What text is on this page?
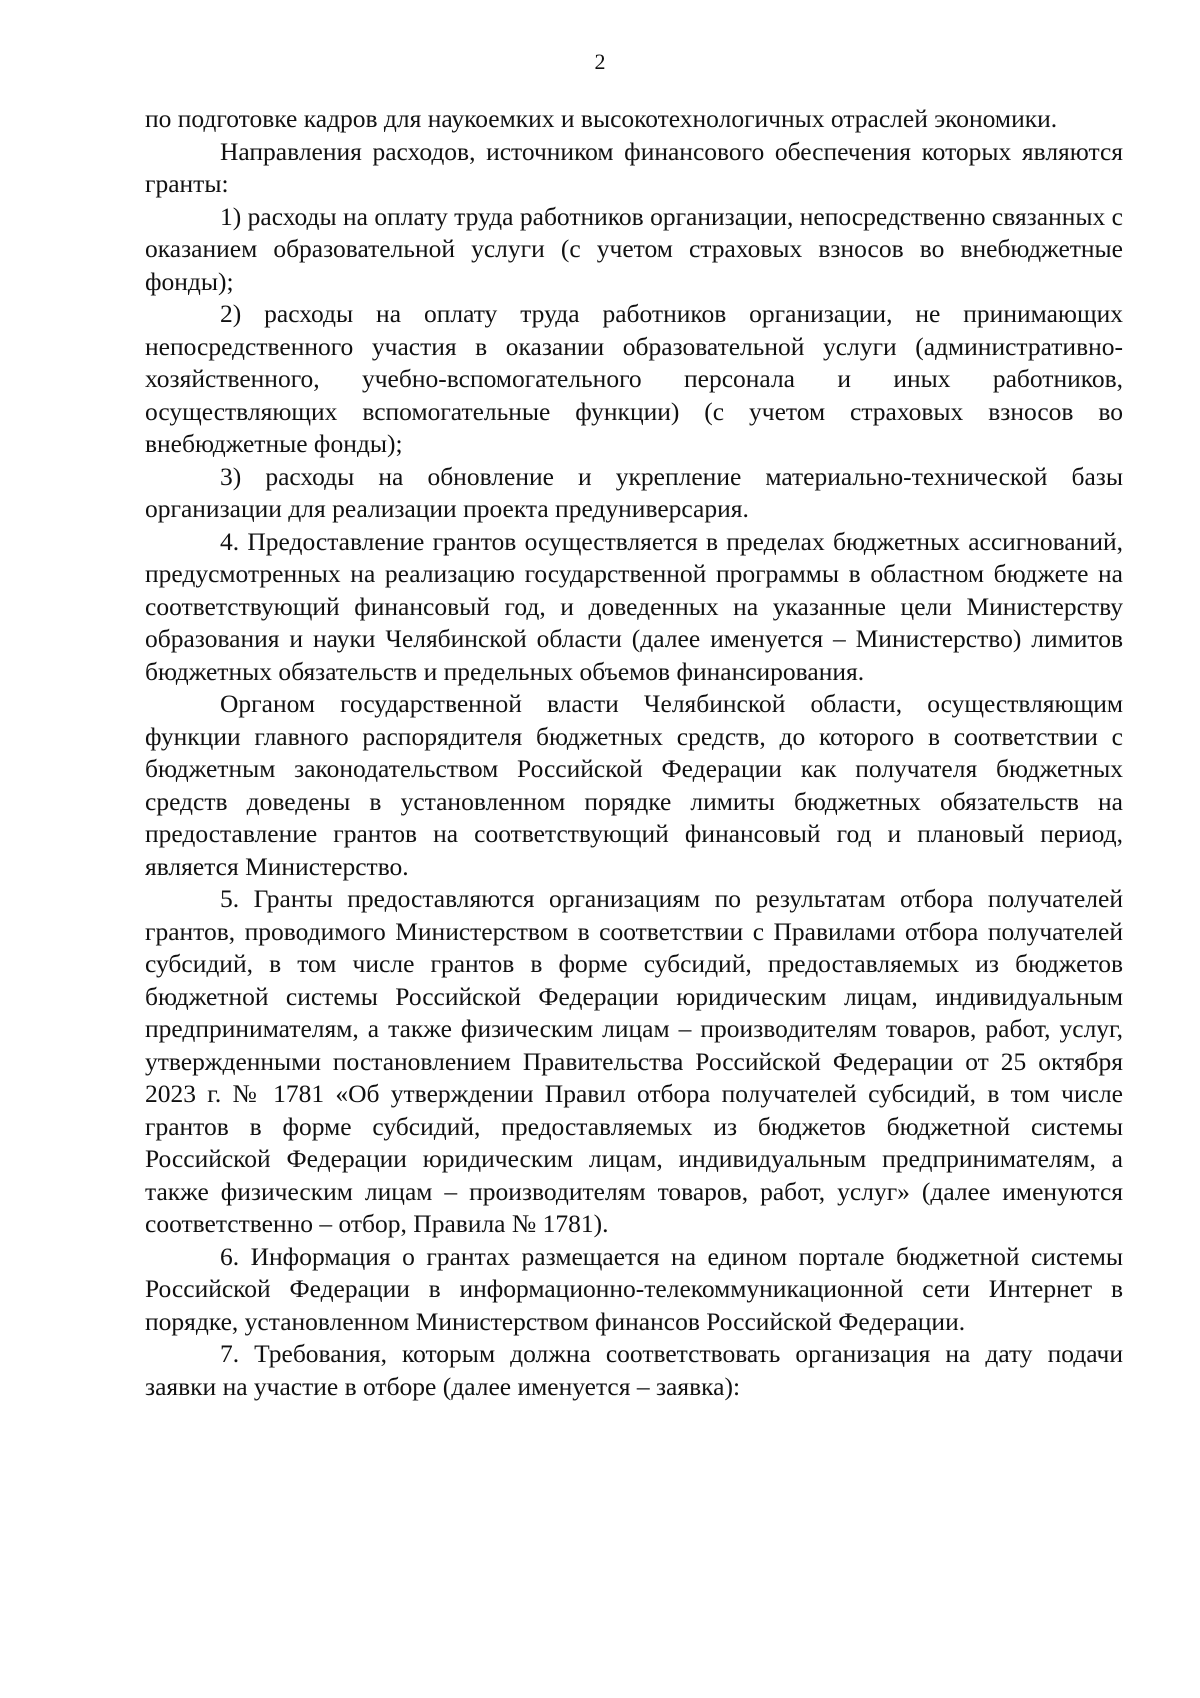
2

по подготовке кадров для наукоемких и высокотехнологичных отраслей экономики.

Направления расходов, источником финансового обеспечения которых являются гранты:

1) расходы на оплату труда работников организации, непосредственно связанных с оказанием образовательной услуги (с учетом страховых взносов во внебюджетные фонды);

2) расходы на оплату труда работников организации, не принимающих непосредственного участия в оказании образовательной услуги (административно-хозяйственного, учебно-вспомогательного персонала и иных работников, осуществляющих вспомогательные функции) (с учетом страховых взносов во внебюджетные фонды);

3) расходы на обновление и укрепление материально-технической базы организации для реализации проекта предуниверсария.

4. Предоставление грантов осуществляется в пределах бюджетных ассигнований, предусмотренных на реализацию государственной программы в областном бюджете на соответствующий финансовый год, и доведенных на указанные цели Министерству образования и науки Челябинской области (далее именуется – Министерство) лимитов бюджетных обязательств и предельных объемов финансирования.

Органом государственной власти Челябинской области, осуществляющим функции главного распорядителя бюджетных средств, до которого в соответствии с бюджетным законодательством Российской Федерации как получателя бюджетных средств доведены в установленном порядке лимиты бюджетных обязательств на предоставление грантов на соответствующий финансовый год и плановый период, является Министерство.

5. Гранты предоставляются организациям по результатам отбора получателей грантов, проводимого Министерством в соответствии с Правилами отбора получателей субсидий, в том числе грантов в форме субсидий, предоставляемых из бюджетов бюджетной системы Российской Федерации юридическим лицам, индивидуальным предпринимателям, а также физическим лицам – производителям товаров, работ, услуг, утвержденными постановлением Правительства Российской Федерации от 25 октября 2023 г. № 1781 «Об утверждении Правил отбора получателей субсидий, в том числе грантов в форме субсидий, предоставляемых из бюджетов бюджетной системы Российской Федерации юридическим лицам, индивидуальным предпринимателям, а также физическим лицам – производителям товаров, работ, услуг» (далее именуются соответственно – отбор, Правила № 1781).

6. Информация о грантах размещается на едином портале бюджетной системы Российской Федерации в информационно-телекоммуникационной сети Интернет в порядке, установленном Министерством финансов Российской Федерации.

7. Требования, которым должна соответствовать организация на дату подачи заявки на участие в отборе (далее именуется – заявка):
